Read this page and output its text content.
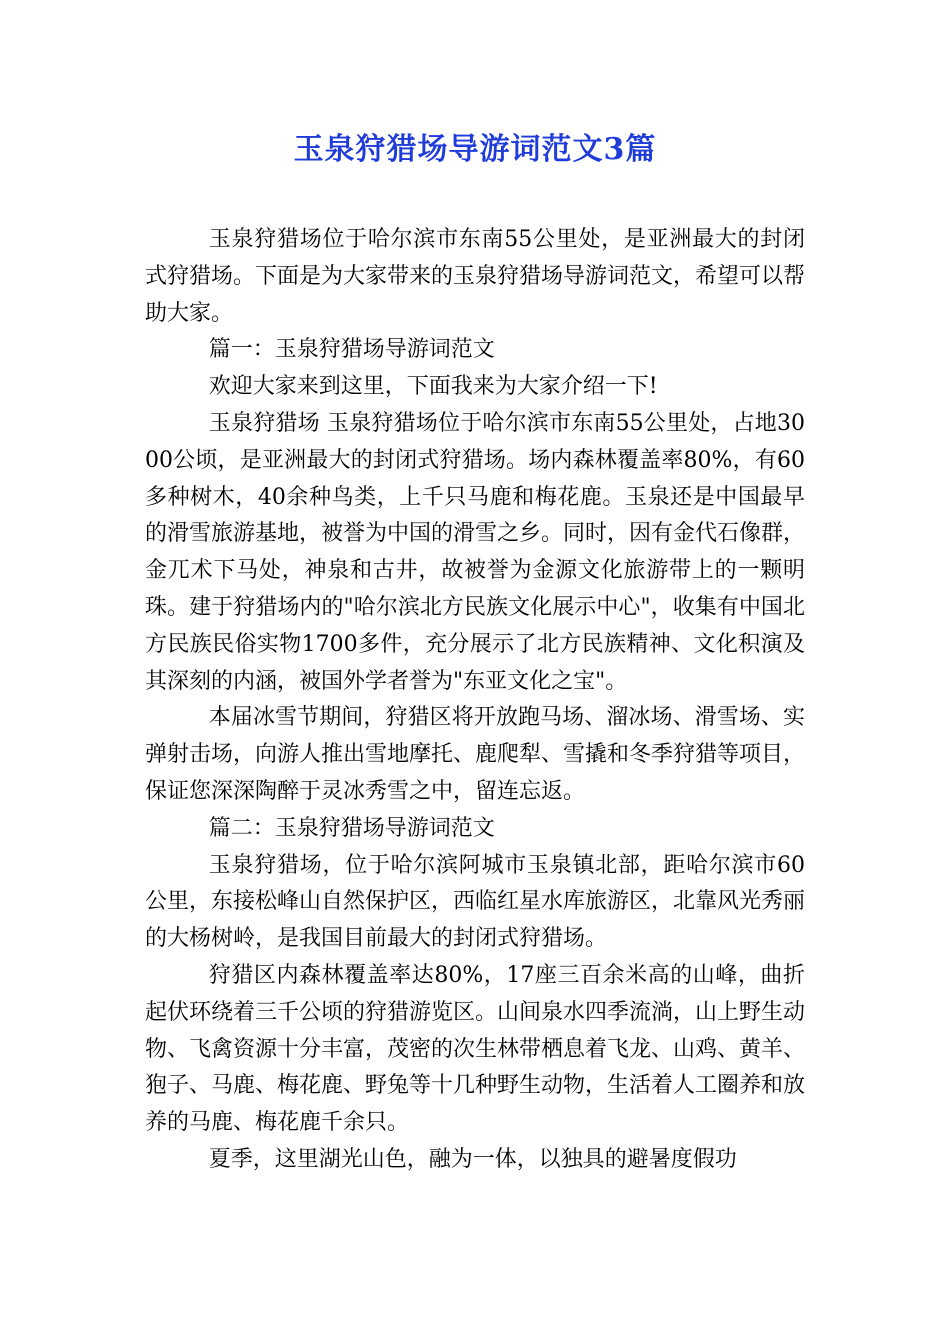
玉泉狩猎场导游词范文3篇

玉泉狩猎场位于哈尔滨市东南55公里处，是亚洲最大的封闭式狩猎场。下面是为大家带来的玉泉狩猎场导游词范文，希望可以帮助大家。

篇一：玉泉狩猎场导游词范文

欢迎大家来到这里，下面我来为大家介绍一下!

玉泉狩猎场 玉泉狩猎场位于哈尔滨市东南55公里处，占地3000公顷，是亚洲最大的封闭式狩猎场。场内森林覆盖率80%，有60多种树木，40余种鸟类，上千只马鹿和梅花鹿。玉泉还是中国最早的滑雪旅游基地，被誉为中国的滑雪之乡。同时，因有金代石像群，金兀术下马处，神泉和古井，故被誉为金源文化旅游带上的一颗明珠。建于狩猎场内的"哈尔滨北方民族文化展示中心"，收集有中国北方民族民俗实物1700多件，充分展示了北方民族精神、文化积演及其深刻的内涵，被国外学者誉为"东亚文化之宝"。

本届冰雪节期间，狩猎区将开放跑马场、溜冰场、滑雪场、实弹射击场，向游人推出雪地摩托、鹿爬犁、雪撬和冬季狩猎等项目，保证您深深陶醉于灵冰秀雪之中，留连忘返。

篇二：玉泉狩猎场导游词范文

玉泉狩猎场，位于哈尔滨阿城市玉泉镇北部，距哈尔滨市60公里，东接松峰山自然保护区，西临红星水库旅游区，北靠风光秀丽的大杨树岭，是我国目前最大的封闭式狩猎场。

狩猎区内森林覆盖率达80%，17座三百余米高的山峰，曲折起伏环绕着三千公顷的狩猎游览区。山间泉水四季流淌，山上野生动物、飞禽资源十分丰富，茂密的次生林带栖息着飞龙、山鸡、黄羊、狍子、马鹿、梅花鹿、野兔等十几种野生动物，生活着人工圈养和放养的马鹿、梅花鹿千余只。

夏季，这里湖光山色，融为一体，以独具的避暑度假功
